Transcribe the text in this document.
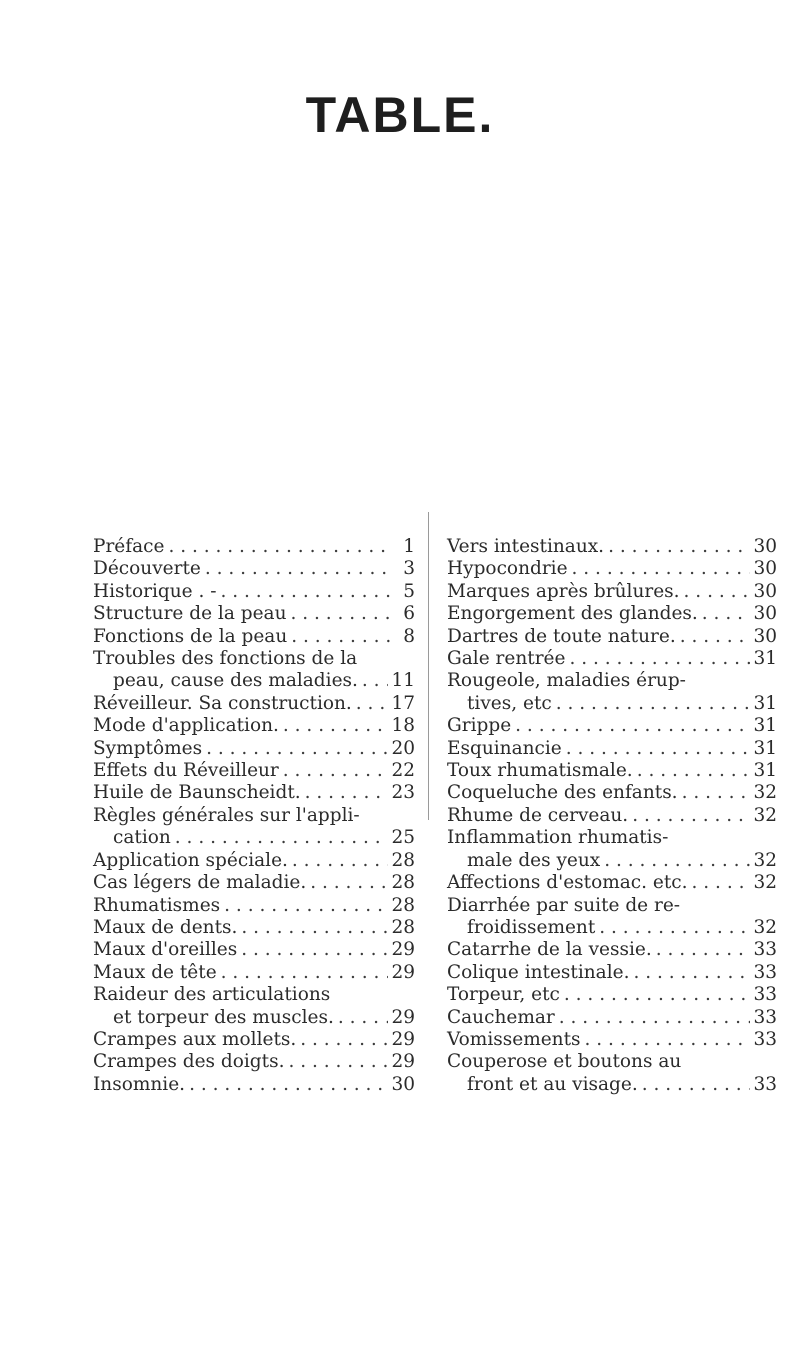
TABLE.
Préface . . .	1
Découverte . . .	3
Historique . - . . .	5
Structure de la peau . . .	6
Fonctions de la peau . . .	8
Troubles des fonctions de la
peau, cause des maladies. . . . 11
Réveilleur. Sa construction. . . . 17
Mode d'application. . . .	18
Symptômes . . .	20
Effets du Réveilleur . . .	22
Huile de Baunscheidt. . . .	23
Règles générales sur l'appli-
cation . . .	25
Application spéciale. . . .	28
Cas légers de maladie. . . .	28
Rhumatismes . . .	28
Maux de dents. . . .	28
Maux d'oreilles . . .	29
Maux de tête . . .	29
Raideur des articulations
et torpeur des muscles. . . .	29
Crampes aux mollets. . . .	29
Crampes des doigts. . . .	29
Insomnie. . . .	30
Vers intestinaux. . . .	30
Hypocondrie . . .	30
Marques après brûlures. . . .	30
Engorgement des glandes. . . .	30
Dartres de toute nature. . . .	30
Gale rentrée . . .	31
Rougeole, maladies érup-
tives, etc . . .	31
Grippe . . .	31
Esquinancie . . .	31
Toux rhumatismale. . . .	31
Coqueluche des enfants. . . .	32
Rhume de cerveau. . . .	32
Inflammation rhumatis-
male des yeux . . .	32
Affections d'estomac. etc. . . .	32
Diarrhée par suite de re-
froidissement . . .	32
Catarrhe de la vessie. . . .	33
Colique intestinale. . . .	33
Torpeur, etc . . .	33
Cauchemar . . .	33
Vomissements . . .	33
Couperose et boutons au
front et au visage. . . .	33
